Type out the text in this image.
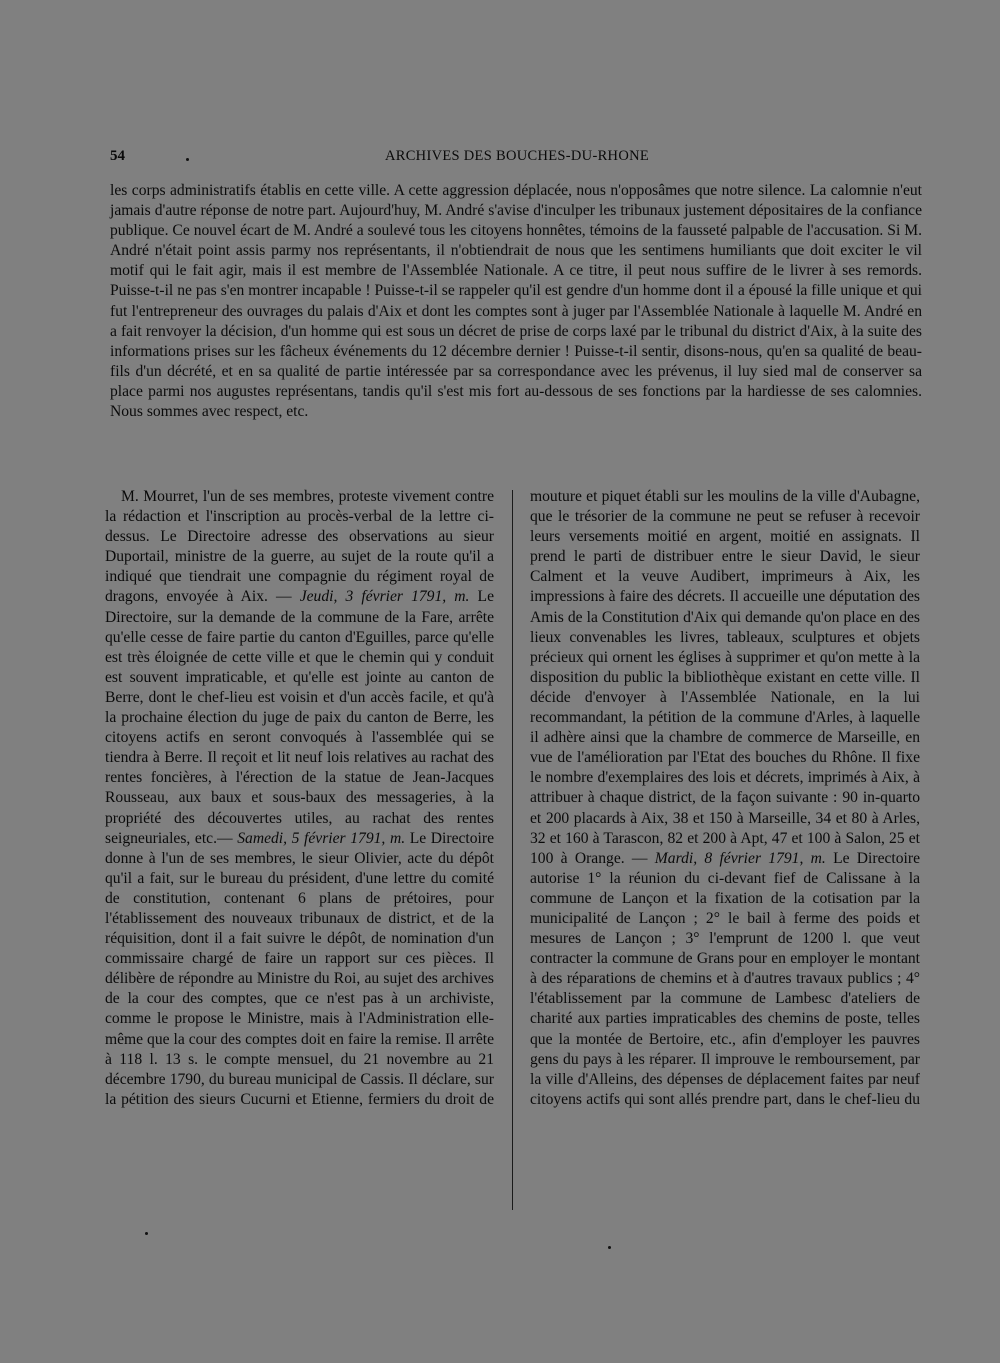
54	ARCHIVES DES BOUCHES-DU-RHONE

les corps administratifs établis en cette ville. A cette aggression déplacée, nous n'opposâmes que notre silence. La calomnie n'eut jamais d'autre réponse de notre part. Aujourd'huy, M. André s'avise d'inculper les tribunaux justement dépositaires de la confiance publique. Ce nouvel écart de M. André a soulevé tous les citoyens honnêtes, témoins de la fausseté palpable de l'accusation. Si M. André n'était point assis parmy nos représentants, il n'obtiendrait de nous que les sentimens humiliants que doit exciter le vil motif qui le fait agir, mais il est membre de l'Assemblée Nationale. A ce titre, il peut nous suffire de le livrer à ses remords. Puisse-t-il ne pas s'en montrer incapable ! Puisse-t-il se rappeler qu'il est gendre d'un homme dont il a épousé la fille unique et qui fut l'entrepreneur des ouvrages du palais d'Aix et dont les comptes sont à juger par l'Assemblée Nationale à laquelle M. André en a fait renvoyer la décision, d'un homme qui est sous un décret de prise de corps laxé par le tribunal du district d'Aix, à la suite des informations prises sur les fâcheux événements du 12 décembre dernier ! Puisse-t-il sentir, disons-nous, qu'en sa qualité de beau-fils d'un décrété, et en sa qualité de partie intéressée par sa correspondance avec les prévenus, il luy sied mal de conserver sa place parmi nos augustes représentans, tandis qu'il s'est mis fort au-dessous de ses fonctions par la hardiesse de ses calomnies. Nous sommes avec respect, etc.

M. Mourret, l'un de ses membres, proteste vivement contre la rédaction et l'inscription au procès-verbal de la lettre ci-dessus. Le Directoire adresse des observations au sieur Duportail, ministre de la guerre, au sujet de la route qu'il a indiqué que tiendrait une compagnie du régiment royal de dragons, envoyée à Aix. — Jeudi, 3 février 1791, m. Le Directoire, sur la demande de la commune de la Fare, arrête qu'elle cesse de faire partie du canton d'Eguilles, parce qu'elle est très éloignée de cette ville et que le chemin qui y conduit est souvent impraticable, et qu'elle est jointe au canton de Berre, dont le chef-lieu est voisin et d'un accès facile, et qu'à la prochaine élection du juge de paix du canton de Berre, les citoyens actifs en seront convoqués à l'assemblée qui se tiendra à Berre. Il reçoit et lit neuf lois relatives au rachat des rentes foncières, à l'érection de la statue de Jean-Jacques Rousseau, aux baux et sous-baux des messageries, à la propriété des découvertes utiles, au rachat des rentes seigneuriales, etc.— Samedi, 5 février 1791, m. Le Directoire donne à l'un de ses membres, le sieur Olivier, acte du dépôt qu'il a fait, sur le bureau du président, d'une lettre du comité de constitution, contenant 6 plans de prétoires, pour l'établissement des nouveaux tribunaux de district, et de la réquisition, dont il a fait suivre le dépôt, de nomination d'un commissaire chargé de faire un rapport sur ces pièces. Il délibère de répondre au Ministre du Roi, au sujet des archives de la cour des comptes, que ce n'est pas à un archiviste, comme le propose le Ministre, mais à l'Administration elle-même que la cour des comptes doit en faire la remise. Il arrête à 118 l. 13 s. le compte mensuel, du 21 novembre au 21 décembre 1790, du bureau municipal de Cassis. Il déclare, sur la pétition des sieurs Cucurni et Etienne, fermiers du droit de

mouture et piquet établi sur les moulins de la ville d'Aubagne, que le trésorier de la commune ne peut se refuser à recevoir leurs versements moitié en argent, moitié en assignats. Il prend le parti de distribuer entre le sieur David, le sieur Calment et la veuve Audibert, imprimeurs à Aix, les impressions à faire des décrets. Il accueille une députation des Amis de la Constitution d'Aix qui demande qu'on place en des lieux convenables les livres, tableaux, sculptures et objets précieux qui ornent les églises à supprimer et qu'on mette à la disposition du public la bibliothèque existant en cette ville. Il décide d'envoyer à l'Assemblée Nationale, en la lui recommandant, la pétition de la commune d'Arles, à laquelle il adhère ainsi que la chambre de commerce de Marseille, en vue de l'amélioration par l'Etat des bouches du Rhône. Il fixe le nombre d'exemplaires des lois et décrets, imprimés à Aix, à attribuer à chaque district, de la façon suivante : 90 in-quarto et 200 placards à Aix, 38 et 150 à Marseille, 34 et 80 à Arles, 32 et 160 à Tarascon, 82 et 200 à Apt, 47 et 100 à Salon, 25 et 100 à Orange. — Mardi, 8 février 1791, m. Le Directoire autorise 1° la réunion du ci-devant fief de Calissane à la commune de Lançon et la fixation de la cotisation par la municipalité de Lançon ; 2° le bail à ferme des poids et mesures de Lançon ; 3° l'emprunt de 1200 l. que veut contracter la commune de Grans pour en employer le montant à des réparations de chemins et à d'autres travaux publics ; 4° l'établissement par la commune de Lambesc d'ateliers de charité aux parties impraticables des chemins de poste, telles que la montée de Bertoire, etc., afin d'employer les pauvres gens du pays à les réparer. Il improuve le remboursement, par la ville d'Alleins, des dépenses de déplacement faites par neuf citoyens actifs qui sont allés prendre part, dans le chef-lieu du
